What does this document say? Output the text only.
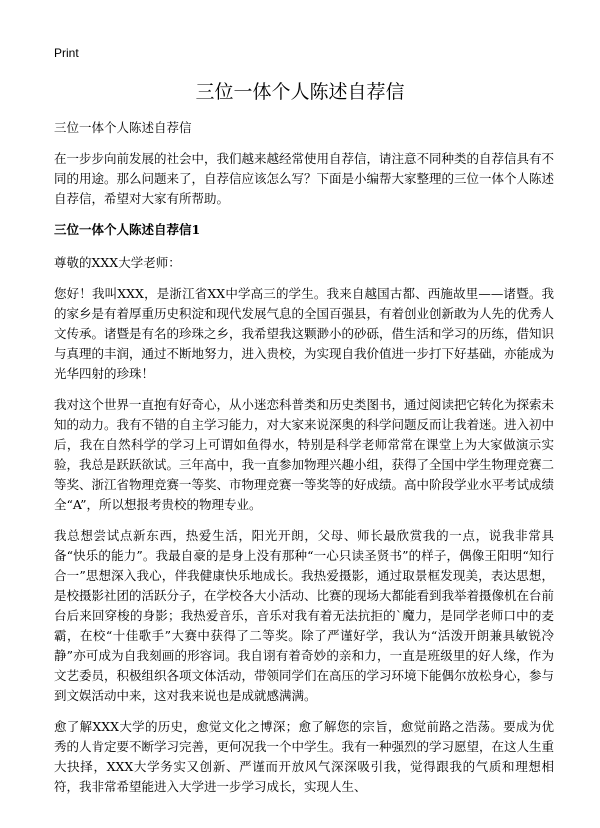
Print
三位一体个人陈述自荐信

三位一体个人陈述自荐信

在一步步向前发展的社会中，我们越来越经常使用自荐信，请注意不同种类的自荐信具有不同的用途。那么问题来了，自荐信应该怎么写？下面是小编帮大家整理的三位一体个人陈述自荐信，希望对大家有所帮助。

三位一体个人陈述自荐信1

尊敬的XXX大学老师：

您好！我叫XXX，是浙江省XX中学高三的学生。我来自越国古都、西施故里——诸暨。我的家乡是有着厚重历史积淀和现代发展气息的全国百强县，有着创业创新敢为人先的优秀人文传承。诸暨是有名的珍珠之乡，我希望我这颗渺小的砂砾，借生活和学习的历练，借知识与真理的丰润，通过不断地努力，进入贵校，为实现自我价值进一步打下好基础，亦能成为光华四射的珍珠！

我对这个世界一直抱有好奇心，从小迷恋科普类和历史类图书，通过阅读把它转化为探索未知的动力。我有不错的自主学习能力，对大家来说深奥的科学问题反而让我着迷。进入初中后，我在自然科学的学习上可谓如鱼得水，特别是科学老师常常在课堂上为大家做演示实验，我总是跃跃欲试。三年高中，我一直参加物理兴趣小组，获得了全国中学生物理竞赛二等奖、浙江省物理竞赛一等奖、市物理竞赛一等奖等的好成绩。高中阶段学业水平考试成绩全“A”，所以想报考贵校的物理专业。

我总想尝试点新东西，热爱生活，阳光开朗，父母、师长最欣赏我的一点，说我非常具备“快乐的能力”。我最自豪的是身上没有那种“一心只读圣贤书”的样子，偶像王阳明“知行合一”思想深入我心，伴我健康快乐地成长。我热爱摄影，通过取景框发现美，表达思想，是校摄影社团的活跃分子，在学校各大小活动、比赛的现场大都能看到我举着摄像机在台前台后来回穿梭的身影；我热爱音乐，音乐对我有着无法抗拒的`魔力，是同学老师口中的麦霸，在校“十佳歌手”大赛中获得了二等奖。除了严谨好学，我认为“活泼开朗兼具敏锐冷静”亦可成为自我刻画的形容词。我自诩有着奇妙的亲和力，一直是班级里的好人缘，作为文艺委员，积极组织各项文体活动，带领同学们在高压的学习环境下能偶尔放松身心，参与到文娱活动中来，这对我来说也是成就感满满。

愈了解XXX大学的历史，愈觉文化之博深；愈了解您的宗旨，愈觉前路之浩荡。要成为优秀的人肯定要不断学习完善，更何况我一个中学生。我有一种强烈的学习愿望，在这人生重大抉择，XXX大学务实又创新、严谨而开放风气深深吸引我，觉得跟我的气质和理想相符，我非常希望能进入大学进一步学习成长，实现人生、
